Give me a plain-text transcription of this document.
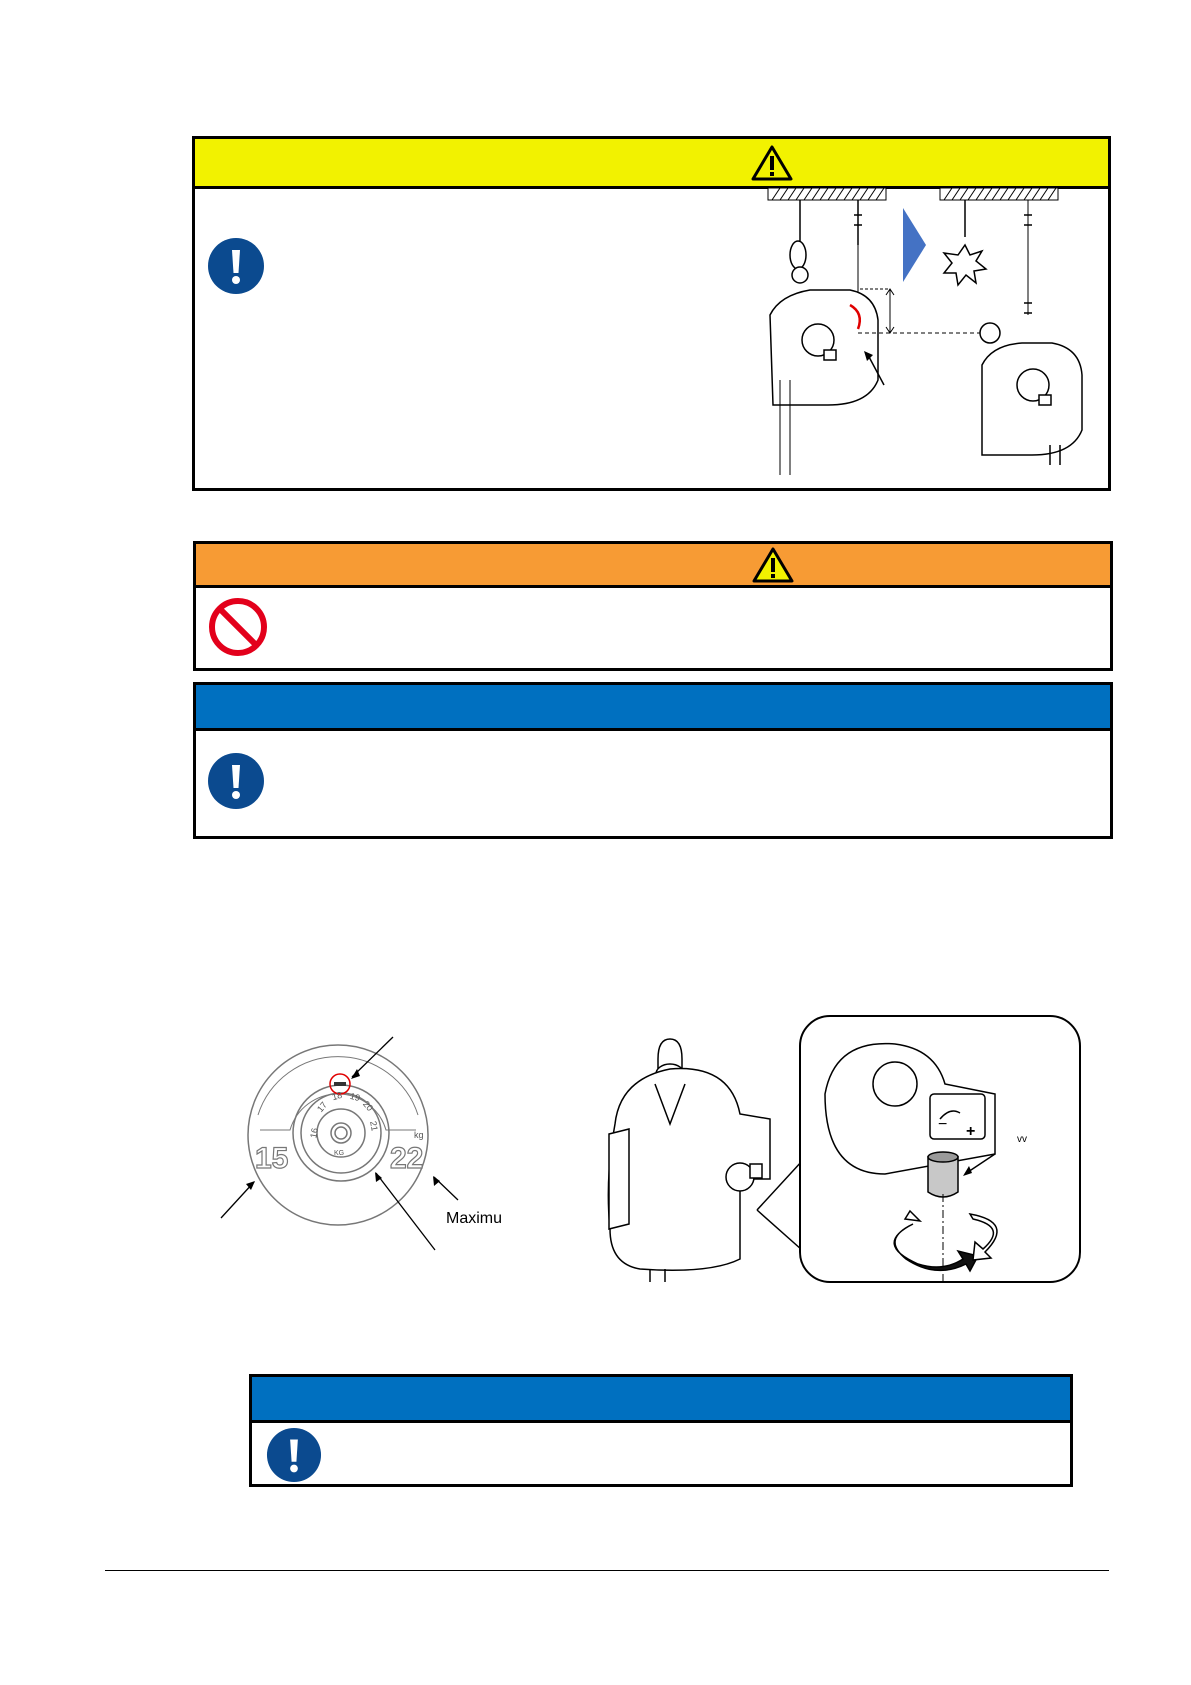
15	22
kg
16
17
18 19
20
21
KG
Maximu
− +	vv
